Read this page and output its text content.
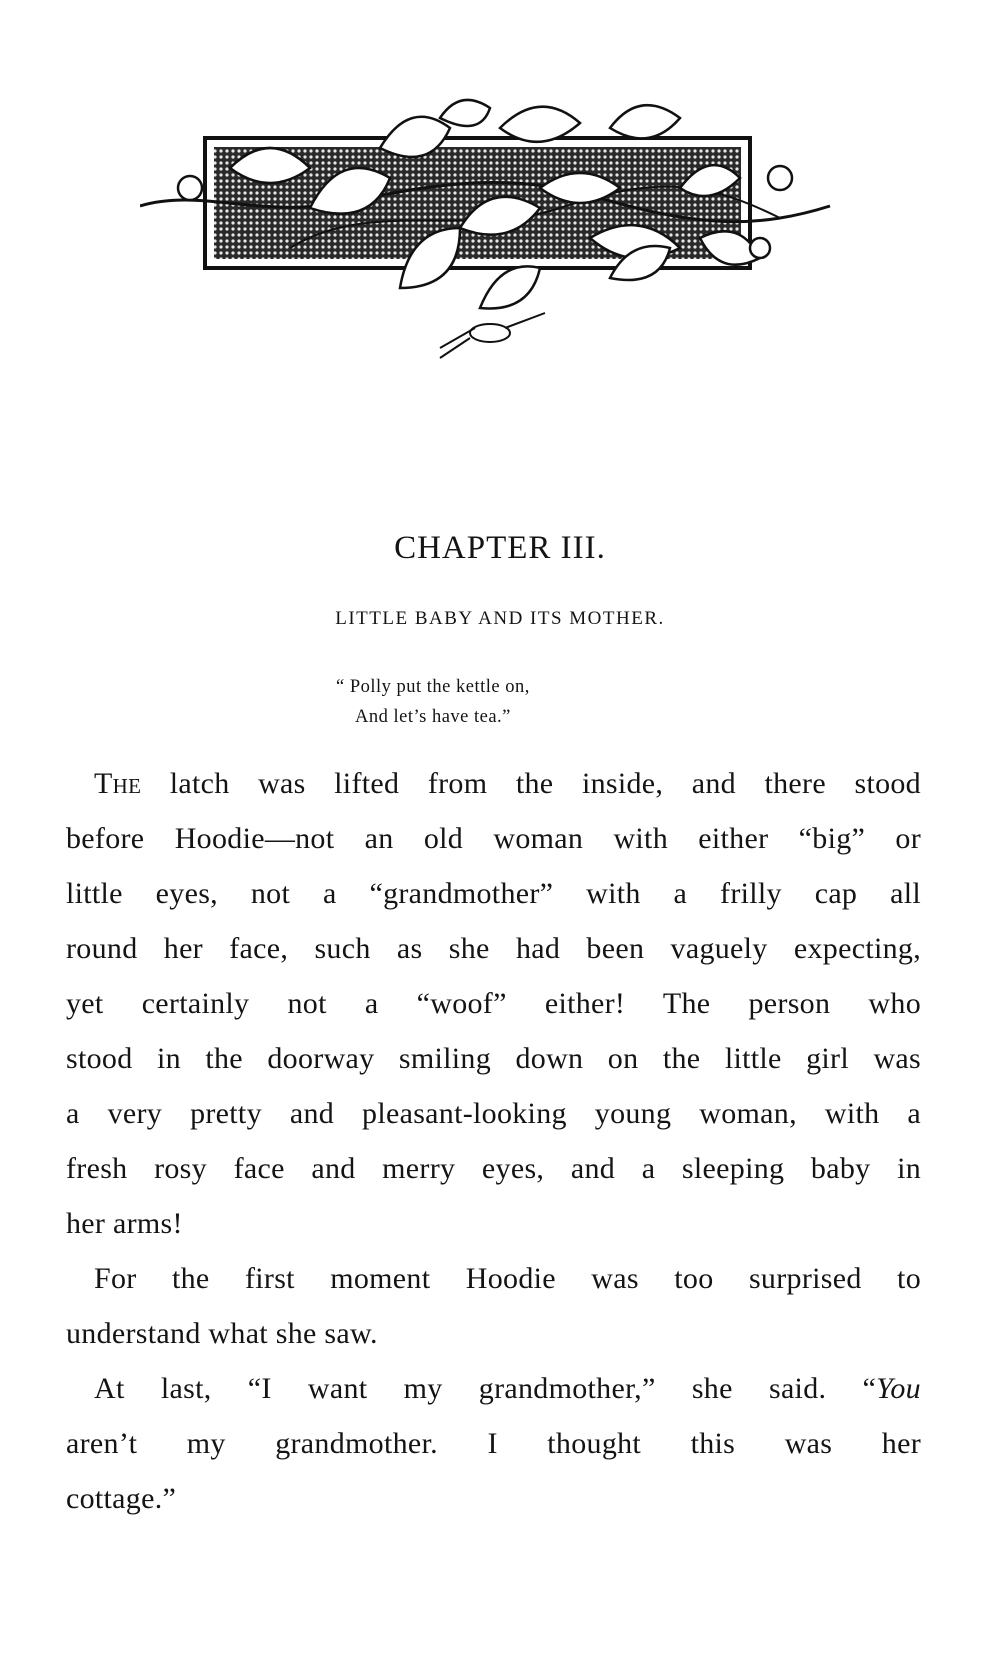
CHAPTER III.
LITTLE BABY AND ITS MOTHER.
“ Polly put the kettle on,
And let’s have tea.”

The latch was lifted from the inside, and there stood

before Hoodie—not an old woman with either “big” or

little eyes, not a “grandmother” with a frilly cap all

round her face, such as she had been vaguely expecting,

yet certainly not a “woof” either! The person who

stood in the doorway smiling down on the little girl was

a very pretty and pleasant-looking young woman, with a

fresh rosy face and merry eyes, and a sleeping baby in

her arms!

For the first moment Hoodie was too surprised to

understand what she saw.

At last, “I want my grandmother,” she said. “You

aren’t my grandmother. I thought this was her

cottage.”
